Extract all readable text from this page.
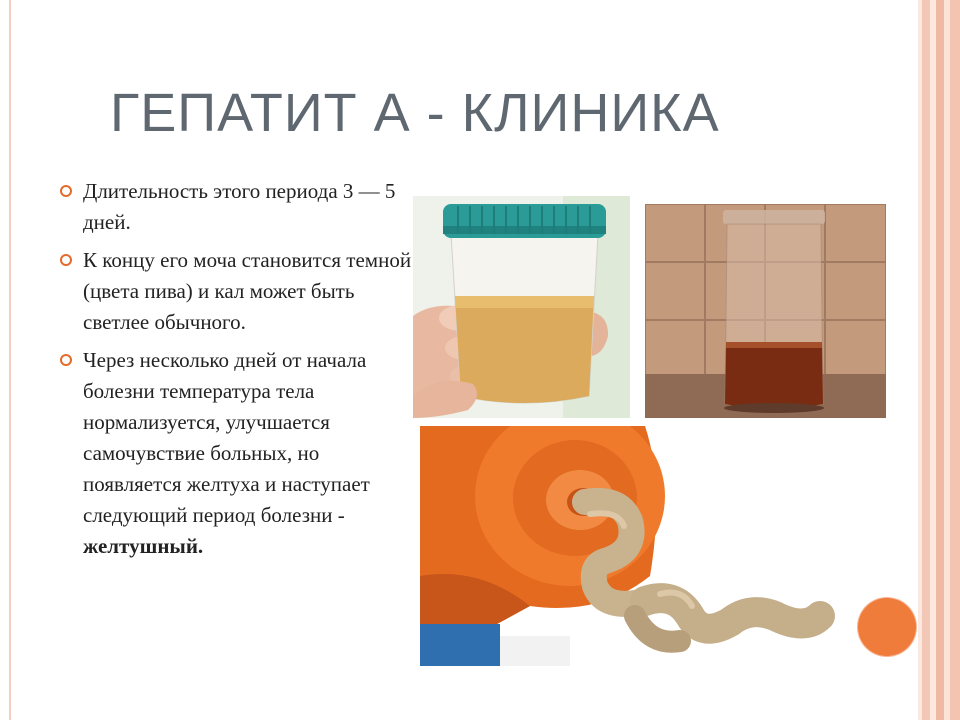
ГЕПАТИТ А - КЛИНИКА
Длительность этого периода 3 — 5 дней.
К концу его моча становится темной (цвета пива) и кал может быть светлее обычного.
Через несколько дней от начала болезни температура тела нормализуется, улучшается самочувствие больных, но появляется желтуха и наступает следующий период болезни - желтушный.
